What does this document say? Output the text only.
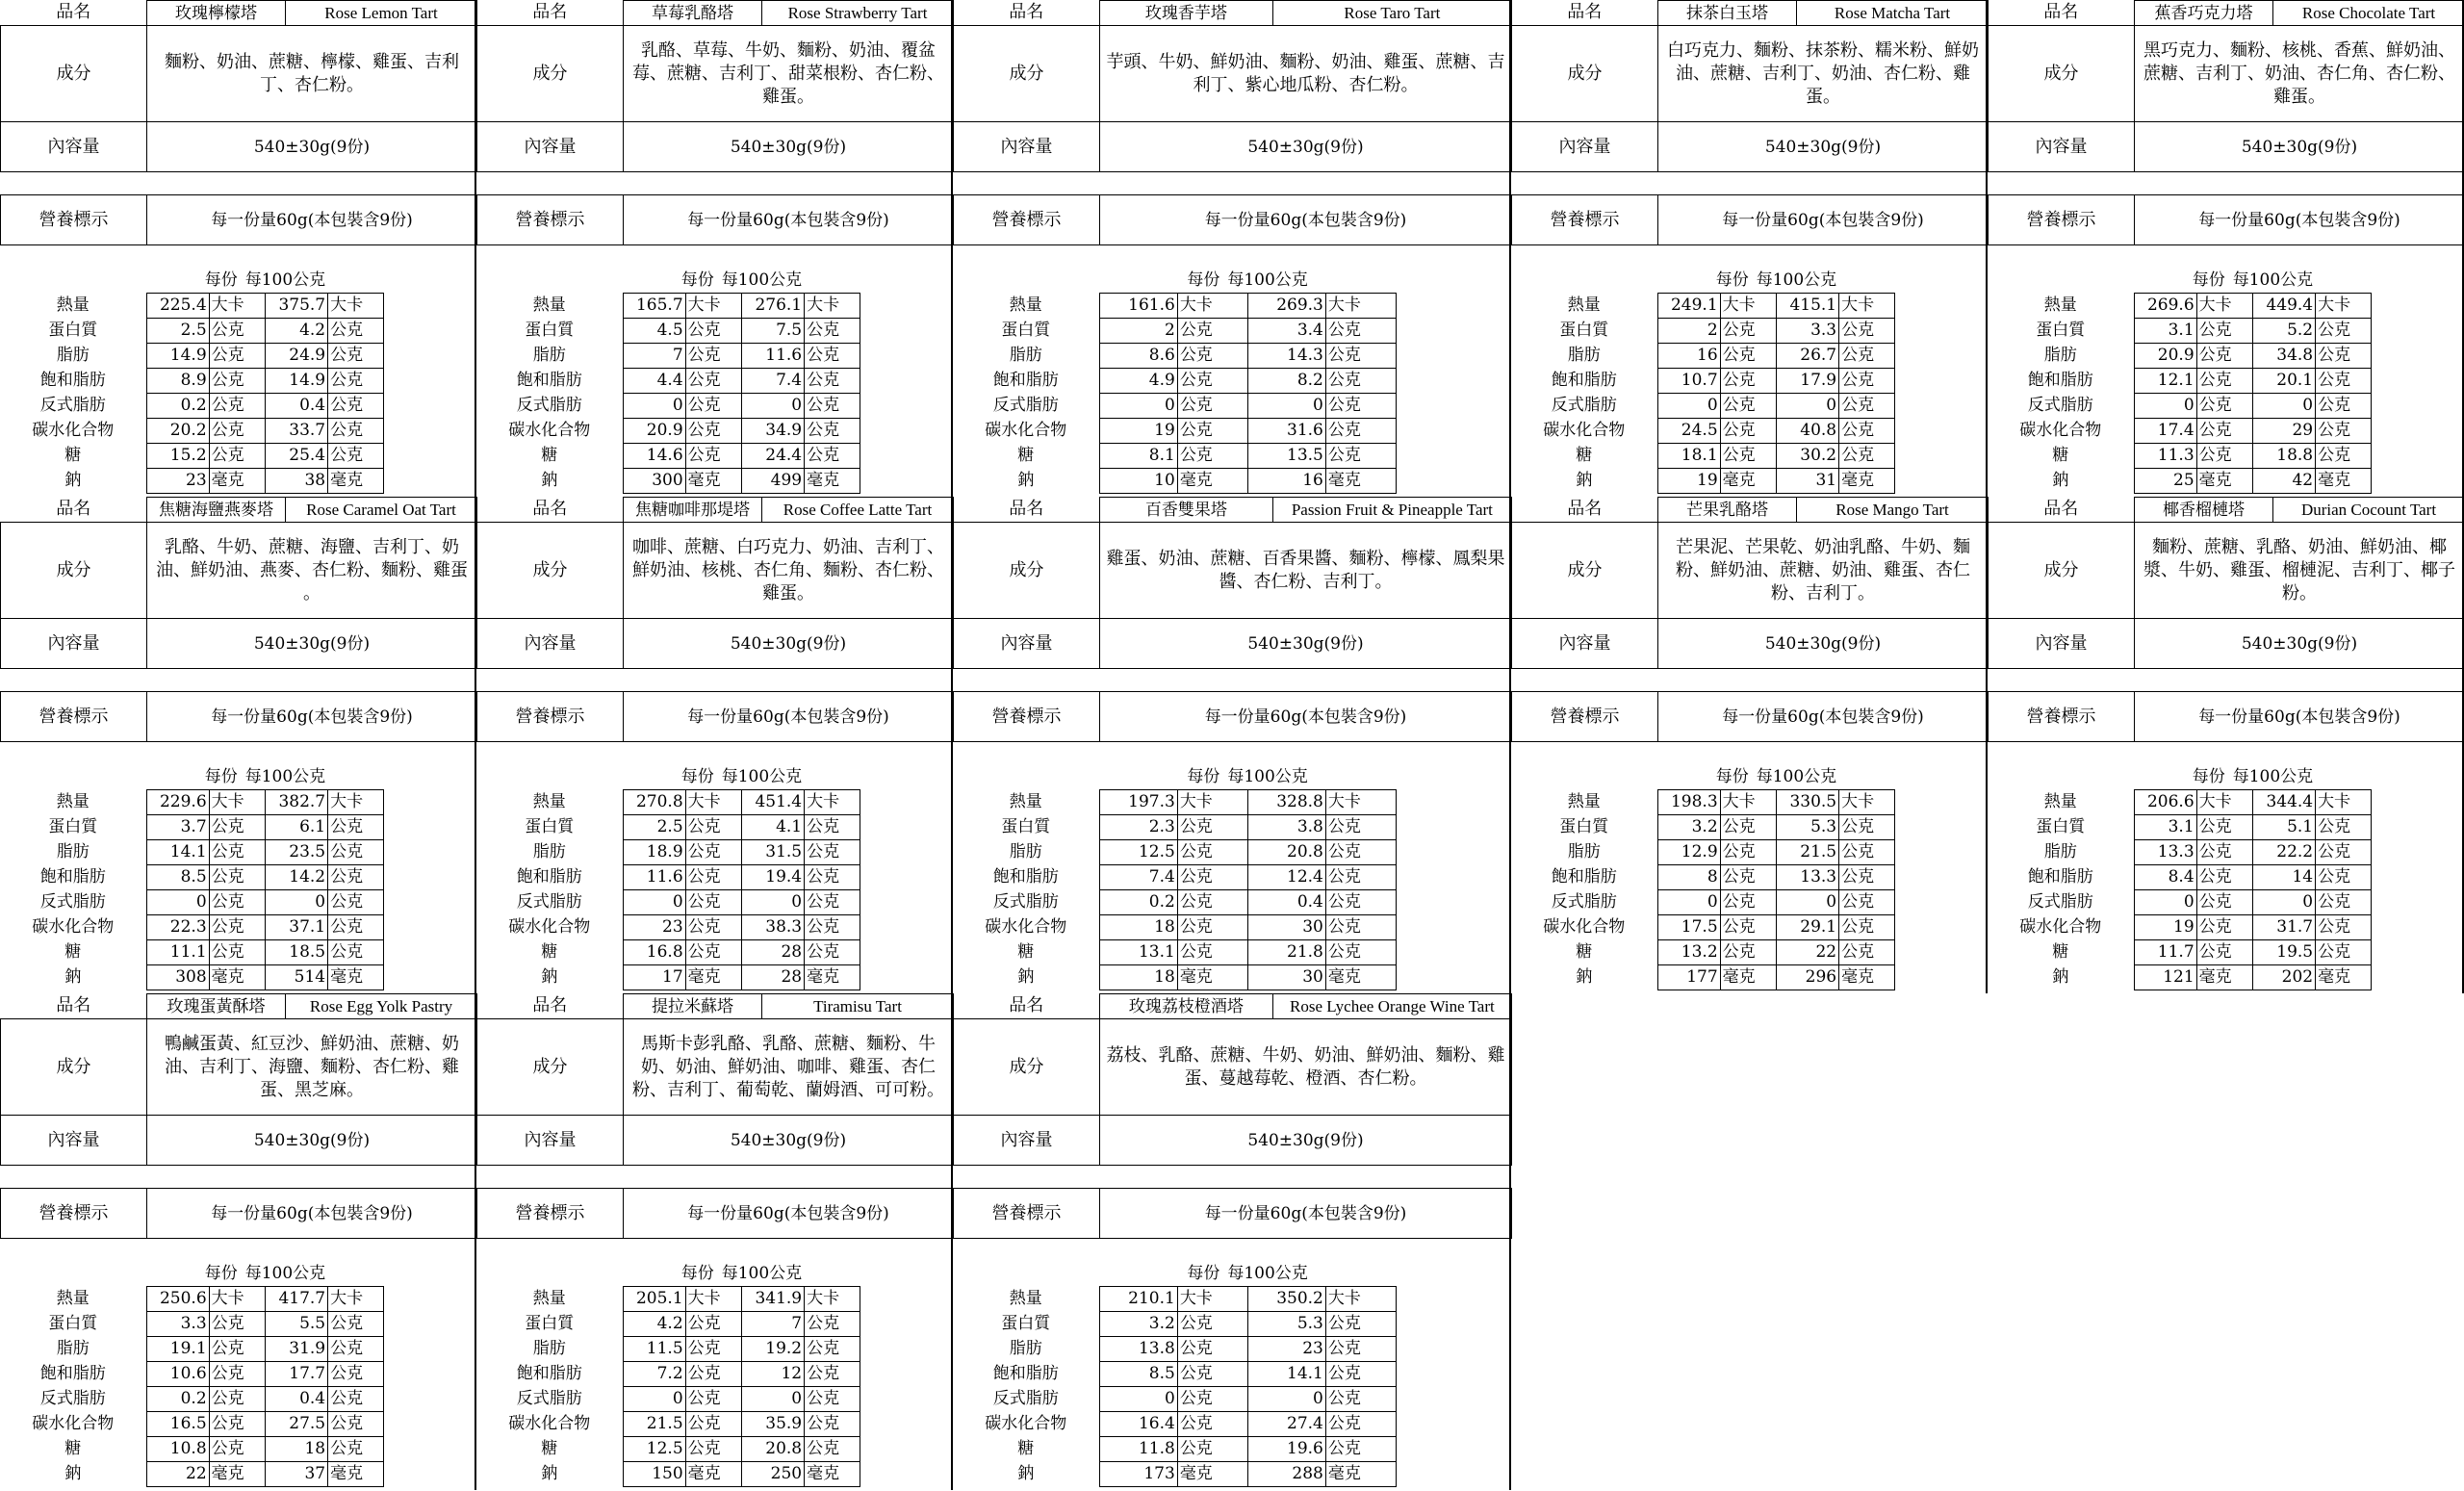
品名	玫瑰檸檬塔	Rose Lemon Tart
成分	麵粉、奶油、蔗糖、檸檬、雞蛋、吉利丁、杏仁粉。	
內容量	540±30g(9份)	

營養標示	每一份量60g(本包裝含9份)	

	每份 每100公克				
熱量	225.4	大卡	375.7	大卡	
蛋白質	2.5	公克	4.2	公克	
脂肪	14.9	公克	24.9	公克	
飽和脂肪	8.9	公克	14.9	公克	
反式脂肪	0.2	公克	0.4	公克	
碳水化合物	20.2	公克	33.7	公克	
糖	15.2	公克	25.4	公克	
鈉	23	毫克	38	毫克	
品名	草莓乳酪塔	Rose Strawberry Tart
成分	乳酪、草莓、牛奶、麵粉、奶油、覆盆莓、蔗糖、吉利丁、甜菜根粉、杏仁粉、雞蛋。	
內容量	540±30g(9份)	

營養標示	每一份量60g(本包裝含9份)	

	每份 每100公克				
熱量	165.7	大卡	276.1	大卡	
蛋白質	4.5	公克	7.5	公克	
脂肪	7	公克	11.6	公克	
飽和脂肪	4.4	公克	7.4	公克	
反式脂肪	0	公克	0	公克	
碳水化合物	20.9	公克	34.9	公克	
糖	14.6	公克	24.4	公克	
鈉	300	毫克	499	毫克	
品名	玫瑰香芋塔	Rose Taro Tart
成分	芋頭、牛奶、鮮奶油、麵粉、奶油、雞蛋、蔗糖、吉利丁、紫心地瓜粉、杏仁粉。	
內容量	540±30g(9份)	

營養標示	每一份量60g(本包裝含9份)	

	每份 每100公克				
熱量	161.6	大卡	269.3	大卡	
蛋白質	2	公克	3.4	公克	
脂肪	8.6	公克	14.3	公克	
飽和脂肪	4.9	公克	8.2	公克	
反式脂肪	0	公克	0	公克	
碳水化合物	19	公克	31.6	公克	
糖	8.1	公克	13.5	公克	
鈉	10	毫克	16	毫克	
品名	抹茶白玉塔	Rose Matcha Tart
成分	白巧克力、麵粉、抹茶粉、糯米粉、鮮奶油、蔗糖、吉利丁、奶油、杏仁粉、雞蛋。	
內容量	540±30g(9份)	

營養標示	每一份量60g(本包裝含9份)	

	每份 每100公克				
熱量	249.1	大卡	415.1	大卡	
蛋白質	2	公克	3.3	公克	
脂肪	16	公克	26.7	公克	
飽和脂肪	10.7	公克	17.9	公克	
反式脂肪	0	公克	0	公克	
碳水化合物	24.5	公克	40.8	公克	
糖	18.1	公克	30.2	公克	
鈉	19	毫克	31	毫克	
品名	蕉香巧克力塔	Rose Chocolate Tart
成分	黑巧克力、麵粉、核桃、香蕉、鮮奶油、蔗糖、吉利丁、奶油、杏仁角、杏仁粉、雞蛋。	
內容量	540±30g(9份)	

營養標示	每一份量60g(本包裝含9份)	

	每份 每100公克				
熱量	269.6	大卡	449.4	大卡	
蛋白質	3.1	公克	5.2	公克	
脂肪	20.9	公克	34.8	公克	
飽和脂肪	12.1	公克	20.1	公克	
反式脂肪	0	公克	0	公克	
碳水化合物	17.4	公克	29	公克	
糖	11.3	公克	18.8	公克	
鈉	25	毫克	42	毫克	
品名	焦糖海鹽燕麥塔	Rose Caramel Oat Tart
成分	乳酪、牛奶、蔗糖、海鹽、吉利丁、奶油、鮮奶油、燕麥、杏仁粉、麵粉、雞蛋 。	
內容量	540±30g(9份)	

營養標示	每一份量60g(本包裝含9份)	

	每份 每100公克				
熱量	229.6	大卡	382.7	大卡	
蛋白質	3.7	公克	6.1	公克	
脂肪	14.1	公克	23.5	公克	
飽和脂肪	8.5	公克	14.2	公克	
反式脂肪	0	公克	0	公克	
碳水化合物	22.3	公克	37.1	公克	
糖	11.1	公克	18.5	公克	
鈉	308	毫克	514	毫克	
品名	焦糖咖啡那堤塔	Rose Coffee Latte Tart
成分	咖啡、蔗糖、白巧克力、奶油、吉利丁、鮮奶油、核桃、杏仁角、麵粉、杏仁粉、雞蛋。	
內容量	540±30g(9份)	

營養標示	每一份量60g(本包裝含9份)	

	每份 每100公克				
熱量	270.8	大卡	451.4	大卡	
蛋白質	2.5	公克	4.1	公克	
脂肪	18.9	公克	31.5	公克	
飽和脂肪	11.6	公克	19.4	公克	
反式脂肪	0	公克	0	公克	
碳水化合物	23	公克	38.3	公克	
糖	16.8	公克	28	公克	
鈉	17	毫克	28	毫克	
品名	百香雙果塔	Passion Fruit & Pineapple Tart
成分	雞蛋、奶油、蔗糖、百香果醬、麵粉、檸檬、鳳梨果醬、杏仁粉、吉利丁。	
內容量	540±30g(9份)	

營養標示	每一份量60g(本包裝含9份)	

	每份 每100公克				
熱量	197.3	大卡	328.8	大卡	
蛋白質	2.3	公克	3.8	公克	
脂肪	12.5	公克	20.8	公克	
飽和脂肪	7.4	公克	12.4	公克	
反式脂肪	0.2	公克	0.4	公克	
碳水化合物	18	公克	30	公克	
糖	13.1	公克	21.8	公克	
鈉	18	毫克	30	毫克	
品名	芒果乳酪塔	Rose Mango Tart
成分	芒果泥、芒果乾、奶油乳酪、牛奶、麵粉、鮮奶油、蔗糖、奶油、雞蛋、杏仁粉、吉利丁。	
內容量	540±30g(9份)	

營養標示	每一份量60g(本包裝含9份)	

	每份 每100公克				
熱量	198.3	大卡	330.5	大卡	
蛋白質	3.2	公克	5.3	公克	
脂肪	12.9	公克	21.5	公克	
飽和脂肪	8	公克	13.3	公克	
反式脂肪	0	公克	0	公克	
碳水化合物	17.5	公克	29.1	公克	
糖	13.2	公克	22	公克	
鈉	177	毫克	296	毫克	
品名	椰香榴槤塔	Durian Cocount Tart
成分	麵粉、蔗糖、乳酪、奶油、鮮奶油、椰漿、牛奶、雞蛋、榴槤泥、吉利丁、椰子粉。	
內容量	540±30g(9份)	

營養標示	每一份量60g(本包裝含9份)	

	每份 每100公克				
熱量	206.6	大卡	344.4	大卡	
蛋白質	3.1	公克	5.1	公克	
脂肪	13.3	公克	22.2	公克	
飽和脂肪	8.4	公克	14	公克	
反式脂肪	0	公克	0	公克	
碳水化合物	19	公克	31.7	公克	
糖	11.7	公克	19.5	公克	
鈉	121	毫克	202	毫克	
品名	玫瑰蛋黃酥塔	Rose Egg Yolk Pastry
成分	鴨鹹蛋黃、紅豆沙、鮮奶油、蔗糖、奶油、吉利丁、海鹽、麵粉、杏仁粉、雞蛋、黑芝麻。	
內容量	540±30g(9份)	

營養標示	每一份量60g(本包裝含9份)	

	每份 每100公克				
熱量	250.6	大卡	417.7	大卡	
蛋白質	3.3	公克	5.5	公克	
脂肪	19.1	公克	31.9	公克	
飽和脂肪	10.6	公克	17.7	公克	
反式脂肪	0.2	公克	0.4	公克	
碳水化合物	16.5	公克	27.5	公克	
糖	10.8	公克	18	公克	
鈉	22	毫克	37	毫克	
品名	提拉米蘇塔	Tiramisu Tart
成分	馬斯卡彭乳酪、乳酪、蔗糖、麵粉、牛奶、奶油、鮮奶油、咖啡、雞蛋、杏仁粉、吉利丁、葡萄乾、蘭姆酒、可可粉。	
內容量	540±30g(9份)	

營養標示	每一份量60g(本包裝含9份)	

	每份 每100公克				
熱量	205.1	大卡	341.9	大卡	
蛋白質	4.2	公克	7	公克	
脂肪	11.5	公克	19.2	公克	
飽和脂肪	7.2	公克	12	公克	
反式脂肪	0	公克	0	公克	
碳水化合物	21.5	公克	35.9	公克	
糖	12.5	公克	20.8	公克	
鈉	150	毫克	250	毫克	
品名	玫瑰荔枝橙酒塔	Rose Lychee Orange Wine Tart
成分	荔枝、乳酪、蔗糖、牛奶、奶油、鮮奶油、麵粉、雞蛋、蔓越莓乾、橙酒、杏仁粉。	
內容量	540±30g(9份)	

營養標示	每一份量60g(本包裝含9份)	

	每份 每100公克				
熱量	210.1	大卡	350.2	大卡	
蛋白質	3.2	公克	5.3	公克	
脂肪	13.8	公克	23	公克	
飽和脂肪	8.5	公克	14.1	公克	
反式脂肪	0	公克	0	公克	
碳水化合物	16.4	公克	27.4	公克	
糖	11.8	公克	19.6	公克	
鈉	173	毫克	288	毫克	
